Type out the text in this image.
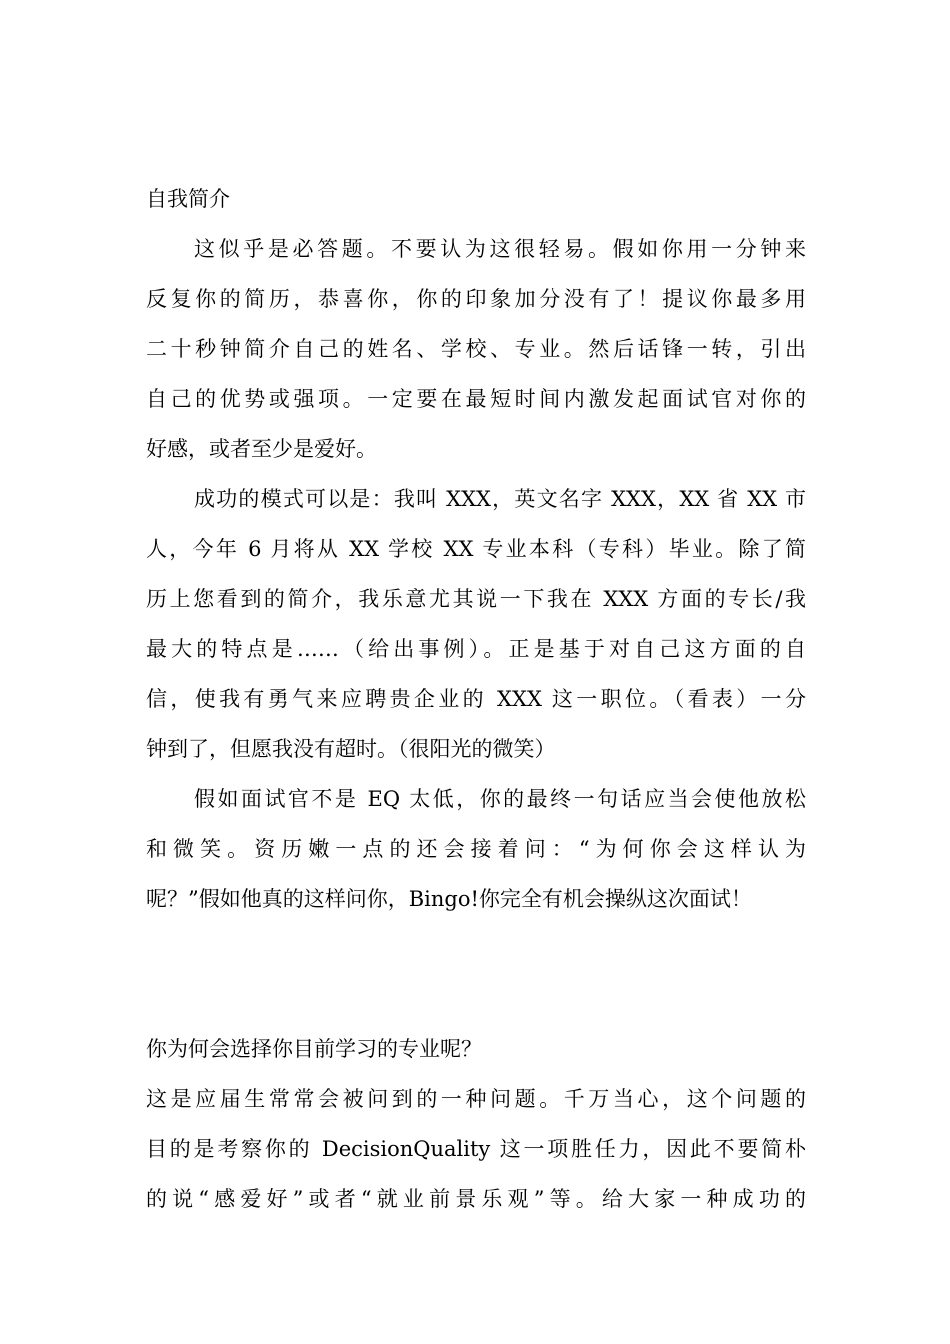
自我简介
这似乎是必答题。不要认为这很轻易。假如你用一分钟来
反复你的简历，恭喜你，你的印象加分没有了！提议你最多用
二十秒钟简介自己的姓名、学校、专业。然后话锋一转，引出
自己的优势或强项。一定要在最短时间内激发起面试官对你的
好感，或者至少是爱好。
成功的模式可以是：我叫 XXX，英文名字 XXX，XX 省 XX 市
人，今年 6 月将从 XX 学校 XX 专业本科（专科）毕业。除了简
历上您看到的简介，我乐意尤其说一下我在 XXX 方面的专长/我
最大的特点是……（给出事例）。正是基于对自己这方面的自
信，使我有勇气来应聘贵企业的 XXX 这一职位。（看表）一分
钟到了，但愿我没有超时。（很阳光的微笑）
假如面试官不是 EQ 太低，你的最终一句话应当会使他放松
和微笑。资历嫩一点的还会接着问：“为何你会这样认为
呢？”假如他真的这样问你，Bingo!你完全有机会操纵这次面试！
你为何会选择你目前学习的专业呢？
这是应届生常常会被问到的一种问题。千万当心，这个问题的
目的是考察你的 DecisionQuality 这一项胜任力，因此不要简朴
的说“感爱好”或者“就业前景乐观”等。给大家一种成功的
